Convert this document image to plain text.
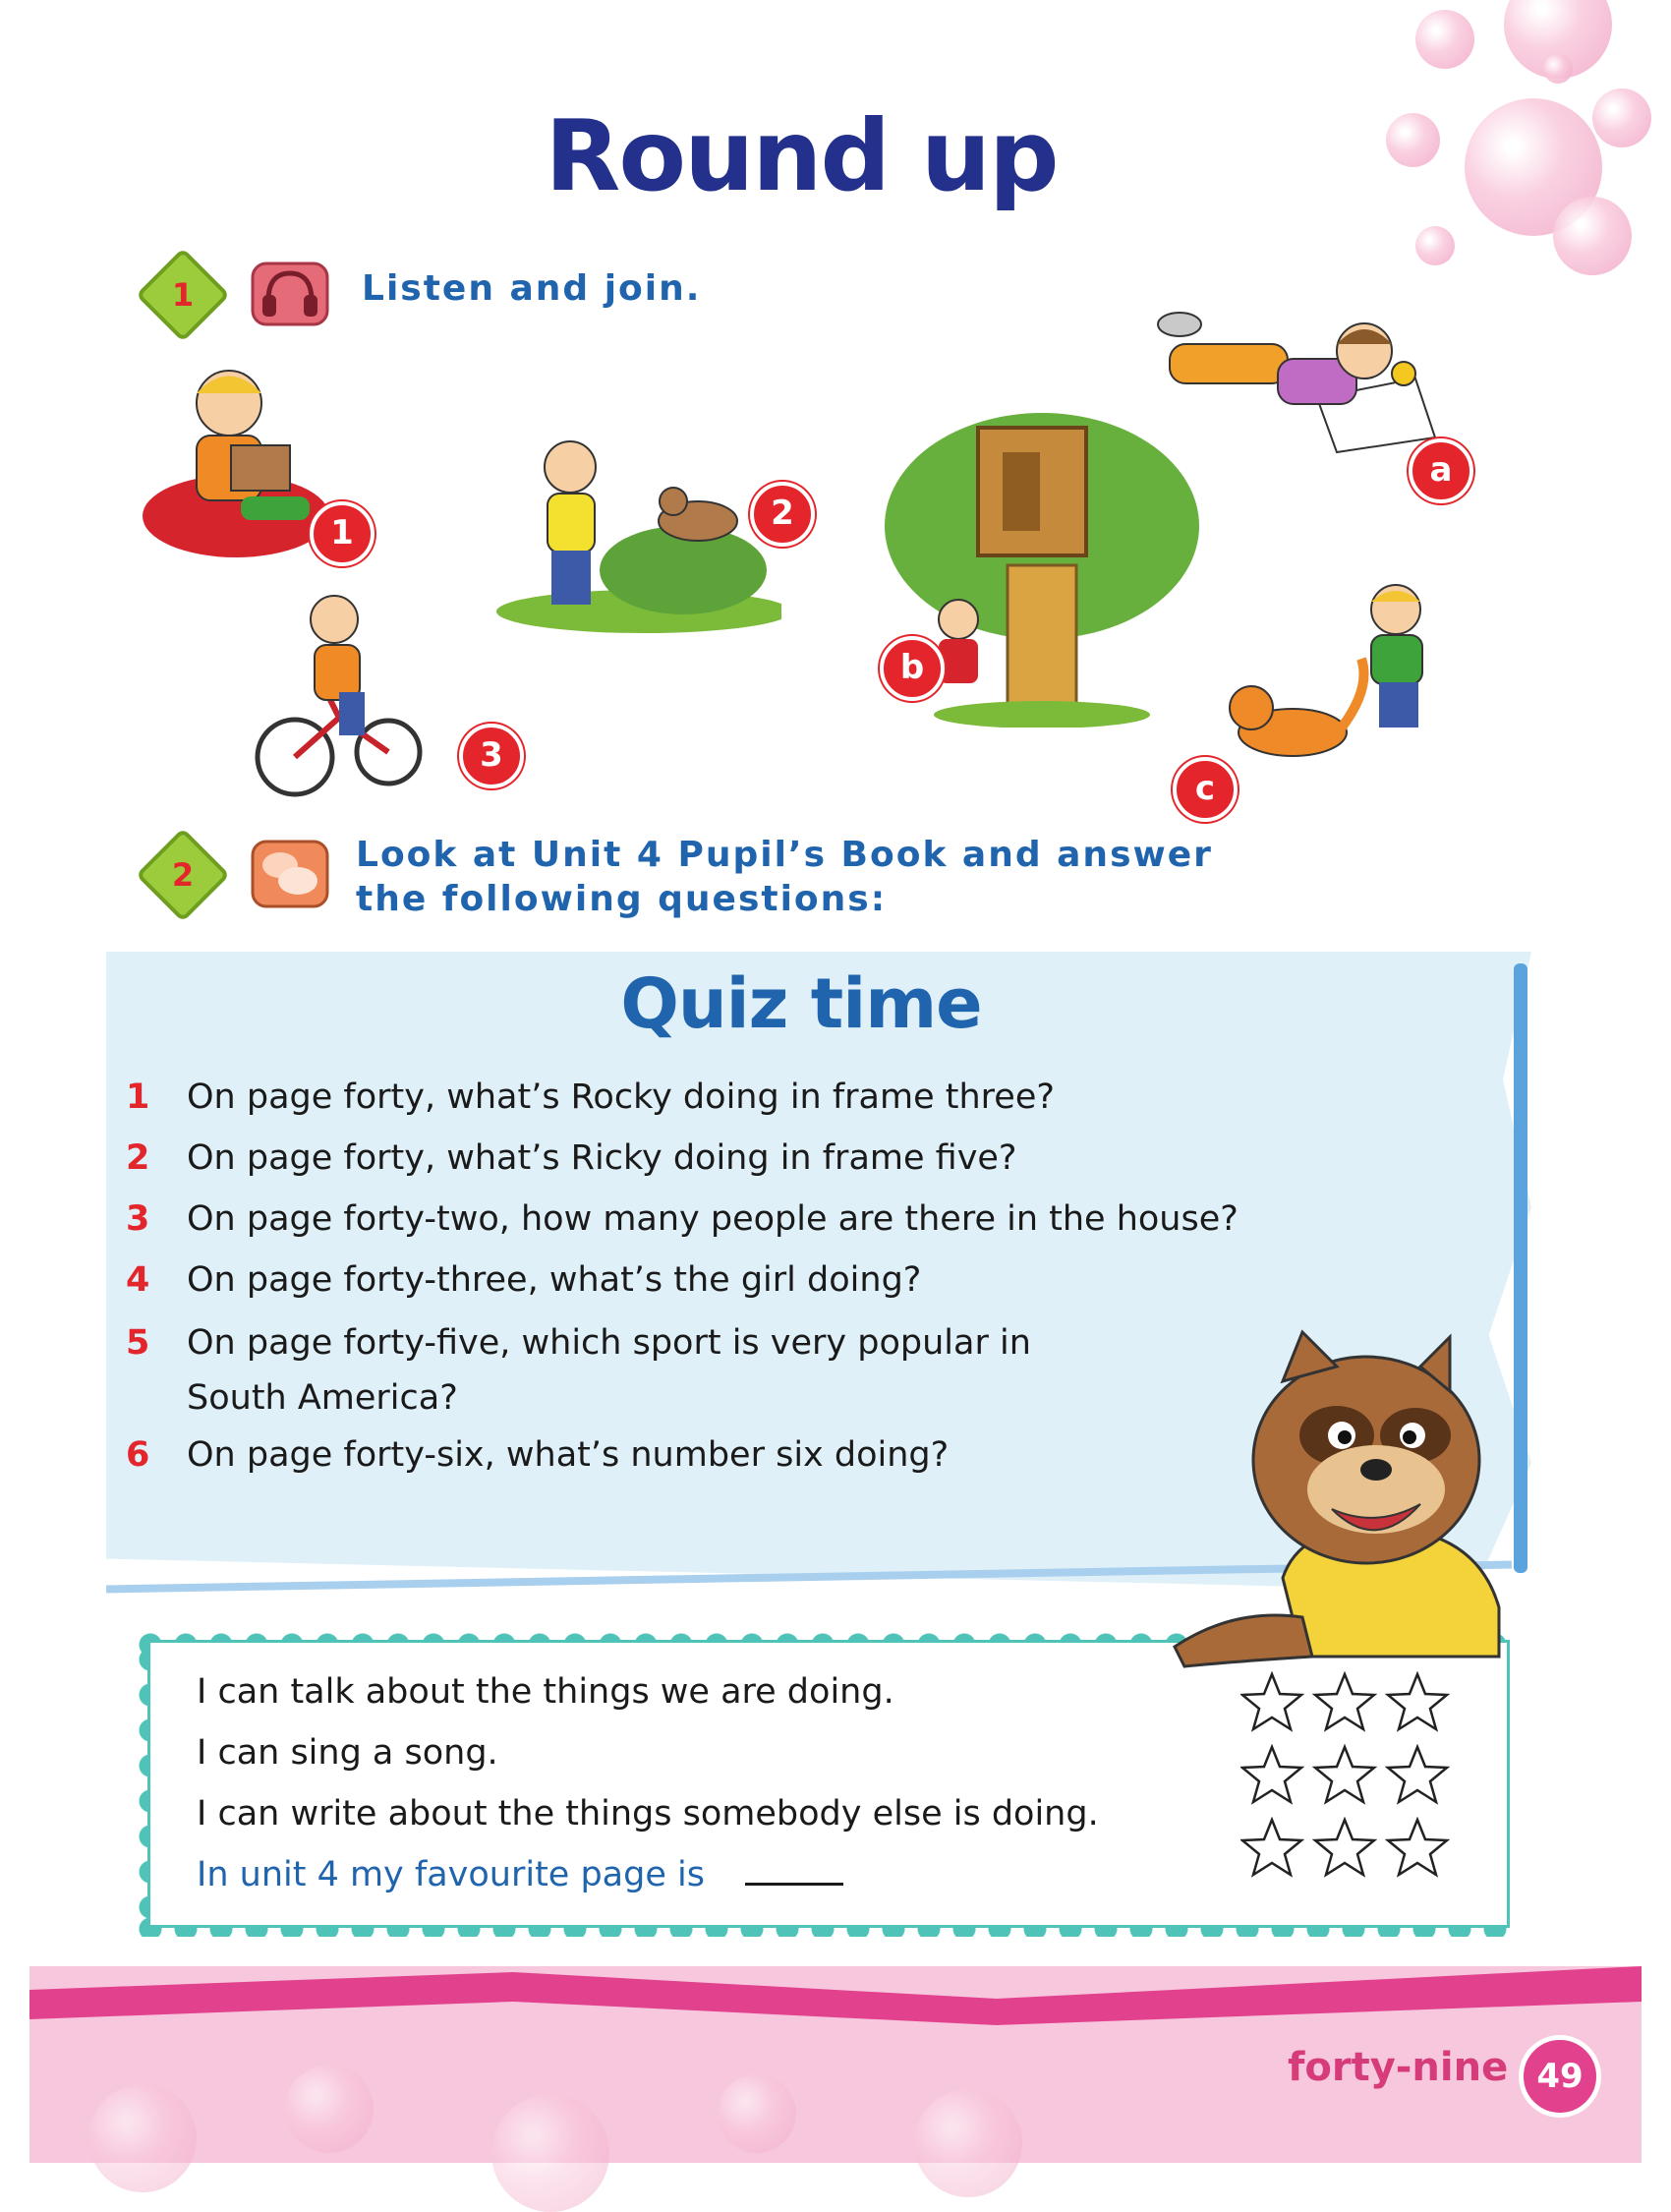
Round up
1	Listen and join.
1	2
3
b
a
c
2	Look at Unit 4 Pupil’s Book and answer
the following questions:
Quiz time
1 On page forty, what’s Rocky doing in frame three?
2 On page forty, what’s Ricky doing in frame five?
3 On page forty-two, how many people are there in the house?
4 On page forty-three, what’s the girl doing?
5 On page forty-five, which sport is very popular in
South America?
6 On page forty-six, what’s number six doing?
I can talk about the things we are doing.
I can sing a song.
I can write about the things somebody else is doing.
In unit 4 my favourite page is
forty-nine 49
